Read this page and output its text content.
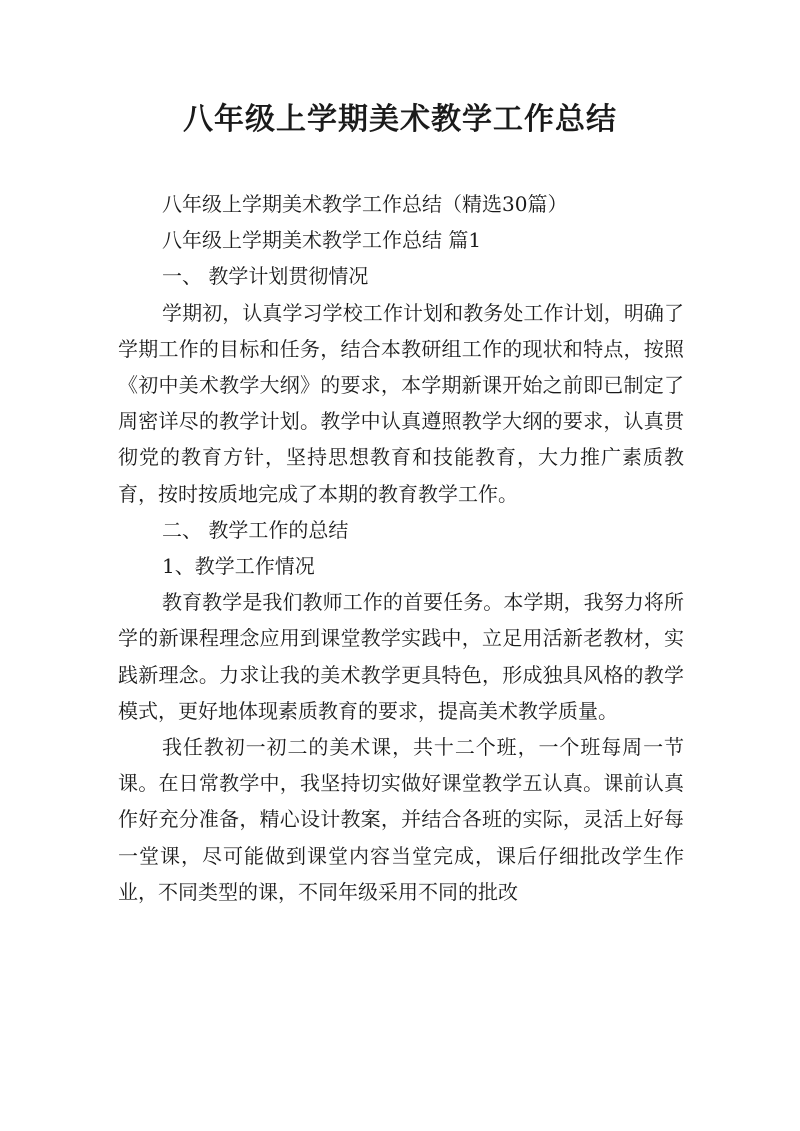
八年级上学期美术教学工作总结

八年级上学期美术教学工作总结（精选30篇）

八年级上学期美术教学工作总结 篇1

一、 教学计划贯彻情况

学期初，认真学习学校工作计划和教务处工作计划，明确了学期工作的目标和任务，结合本教研组工作的现状和特点，按照《初中美术教学大纲》的要求，本学期新课开始之前即已制定了周密详尽的教学计划。教学中认真遵照教学大纲的要求，认真贯彻党的教育方针，坚持思想教育和技能教育，大力推广素质教育，按时按质地完成了本期的教育教学工作。

二、 教学工作的总结

1、教学工作情况

教育教学是我们教师工作的首要任务。本学期，我努力将所学的新课程理念应用到课堂教学实践中，立足用活新老教材，实践新理念。力求让我的美术教学更具特色，形成独具风格的教学模式，更好地体现素质教育的要求，提高美术教学质量。

我任教初一初二的美术课，共十二个班，一个班每周一节课。在日常教学中，我坚持切实做好课堂教学五认真。课前认真作好充分准备，精心设计教案，并结合各班的实际，灵活上好每一堂课，尽可能做到课堂内容当堂完成，课后仔细批改学生作业，不同类型的课，不同年级采用不同的批改
